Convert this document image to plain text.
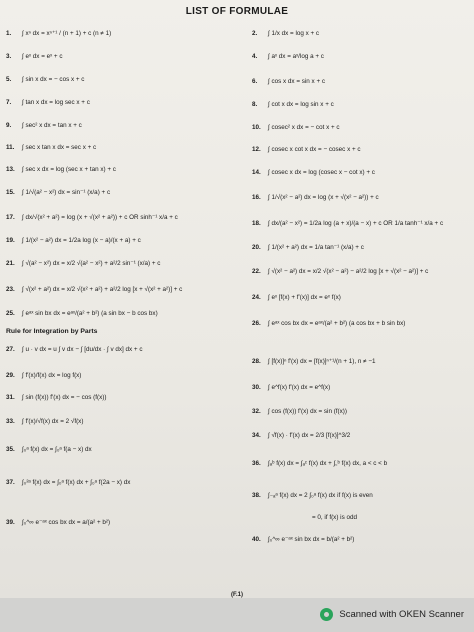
LIST OF FORMULAE
1.	∫ xⁿ dx = xⁿ⁺¹ / (n + 1) + c (n ≠ 1)
3.	∫ eˣ dx = eˣ + c
5.	∫ sin x dx = − cos x + c
7.	∫ tan x dx = log sec x + c
9.	∫ sec² x dx = tan x + c
11.	∫ sec x tan x dx = sec x + c
13.	∫ sec x dx = log (sec x + tan x) + c
15.	∫ 1/√(a² − x²) dx = sin⁻¹ (x/a) + c
17.	∫ dx/√(x² + a²) = log (x + √(x² + a²)) + c OR sinh⁻¹ x/a + c
19.	∫ 1/(x² − a²) dx = 1/2a log (x − a)/(x + a) + c
21.	∫ √(a² − x²) dx = x/2 √(a² − x²) + a²/2 sin⁻¹ (x/a) + c
23.	∫ √(x² + a²) dx = x/2 √(x² + a²) + a²/2 log [x + √(x² + a²)] + c
25.	∫ eᵃˣ sin bx dx = eᵃˣ/(a² + b²) (a sin bx − b cos bx)
Rule for Integration by Parts
27.	∫ u · v dx = u ∫ v dx − ∫ [du/dx · ∫ v dx] dx + c
29.	∫ f′(x)/f(x) dx = log f(x)
31.	∫ sin (f(x)) f′(x) dx = − cos (f(x))
33.	∫ f′(x)/√f(x) dx = 2 √f(x)
35.	∫₀ᵃ f(x) dx = ∫₀ᵃ f(a − x) dx
37.	∫₀²ᵃ f(x) dx = ∫₀ᵃ f(x) dx + ∫₀ᵃ f(2a − x) dx
39.	∫₀^∞ e⁻ᵃˣ cos bx dx = a/(a² + b²)
2.	∫ 1/x dx = log x + c
4.	∫ aˣ dx = aˣ/log a + c
6.	∫ cos x dx = sin x + c
8.	∫ cot x dx = log sin x + c
10.	∫ cosec² x dx = − cot x + c
12.	∫ cosec x cot x dx = − cosec x + c
14.	∫ cosec x dx = log (cosec x − cot x) + c
16.	∫ 1/√(x² − a²) dx = log (x + √(x² − a²)) + c
18.	∫ dx/(a² − x²) = 1/2a log (a + x)/(a − x) + c OR 1/a tanh⁻¹ x/a + c
20.	∫ 1/(x² + a²) dx = 1/a tan⁻¹ (x/a) + c
22.	∫ √(x² − a²) dx = x/2 √(x² − a²) − a²/2 log [x + √(x² − a²)] + c
24.	∫ eˣ [f(x) + f′(x)] dx = eˣ f(x)
26.	∫ eᵃˣ cos bx dx = eᵃˣ/(a² + b²) (a cos bx + b sin bx)
28.	∫ [f(x)]ⁿ f′(x) dx = [f(x)]ⁿ⁺¹/(n + 1), n ≠ −1
30.	∫ e^f(x) f′(x) dx = e^f(x)
32.	∫ cos (f(x)) f′(x) dx = sin (f(x))
34.	∫ √f(x) · f′(x) dx = 2/3 [f(x)]^3/2
36.	∫ₐᵇ f(x) dx = ∫ₐᶜ f(x) dx + ∫꜀ᵇ f(x) dx, a < c < b
38.	∫₋ₐᵃ f(x) dx = 2 ∫₀ᵃ f(x) dx if f(x) is even
= 0, if f(x) is odd
40.	∫₀^∞ e⁻ᵃˣ sin bx dx = b/(a² + b²)
(F.1)
Scanned with OKEN Scanner
